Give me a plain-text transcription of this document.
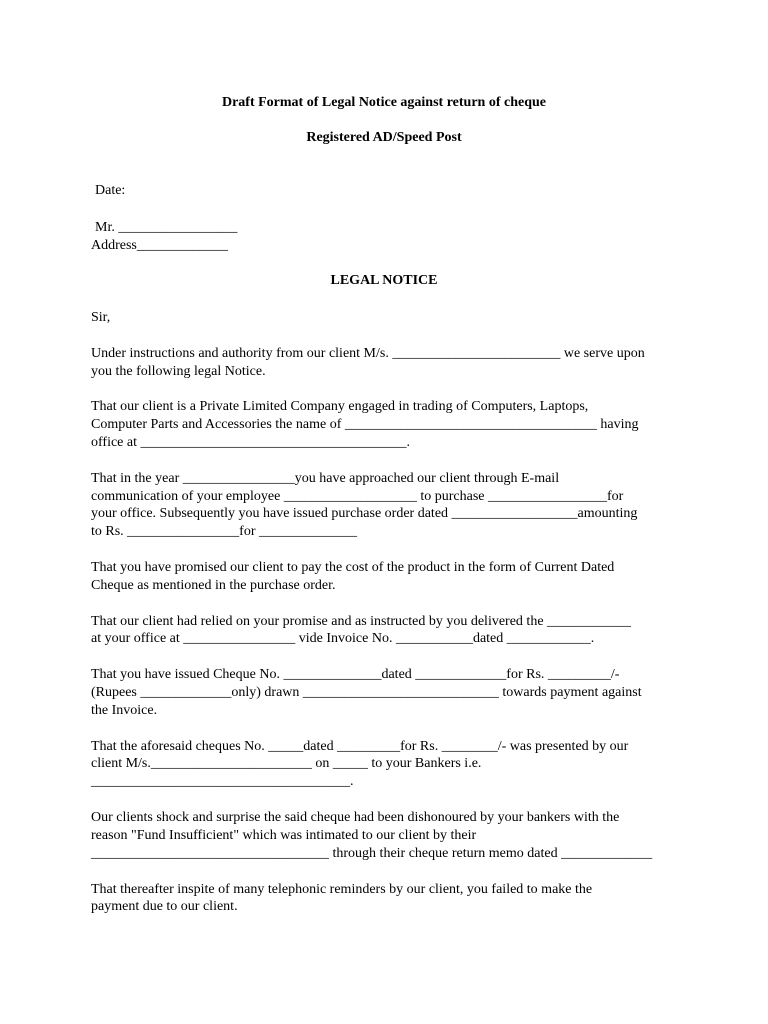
Draft Format of Legal Notice against return of cheque
Registered AD/Speed Post
Date:
Mr. _________________
Address_____________
LEGAL NOTICE
Sir,
Under instructions and authority from our client M/s. ________________________ we serve upon
you the following legal Notice.
That our client is a Private Limited Company engaged in trading of Computers, Laptops,
Computer Parts and Accessories the name of ____________________________________ having
office at ______________________________________.
That in the year ________________you have approached our client through E-mail
communication of your employee ___________________ to purchase _________________for
your office. Subsequently you have issued purchase order dated __________________amounting
to Rs. ________________for ______________
That you have promised our client to pay the cost of the product in the form of Current Dated
Cheque as mentioned in the purchase order.
That our client had relied on your promise and as instructed by you delivered the ____________
at your office at ________________ vide Invoice No. ___________dated ____________.
That you have issued Cheque No. ______________dated _____________for Rs. _________/-
(Rupees _____________only) drawn ____________________________ towards payment against
the Invoice.
That the aforesaid cheques No. _____dated _________for Rs. ________/- was presented by our
client M/s._______________________ on _____ to your Bankers i.e.
_____________________________________.
Our clients shock and surprise the said cheque had been dishonoured by your bankers with the
reason "Fund Insufficient" which was intimated to our client by their
__________________________________ through their cheque return memo dated _____________
That thereafter inspite of many telephonic reminders by our client, you failed to make the
payment due to our client.
